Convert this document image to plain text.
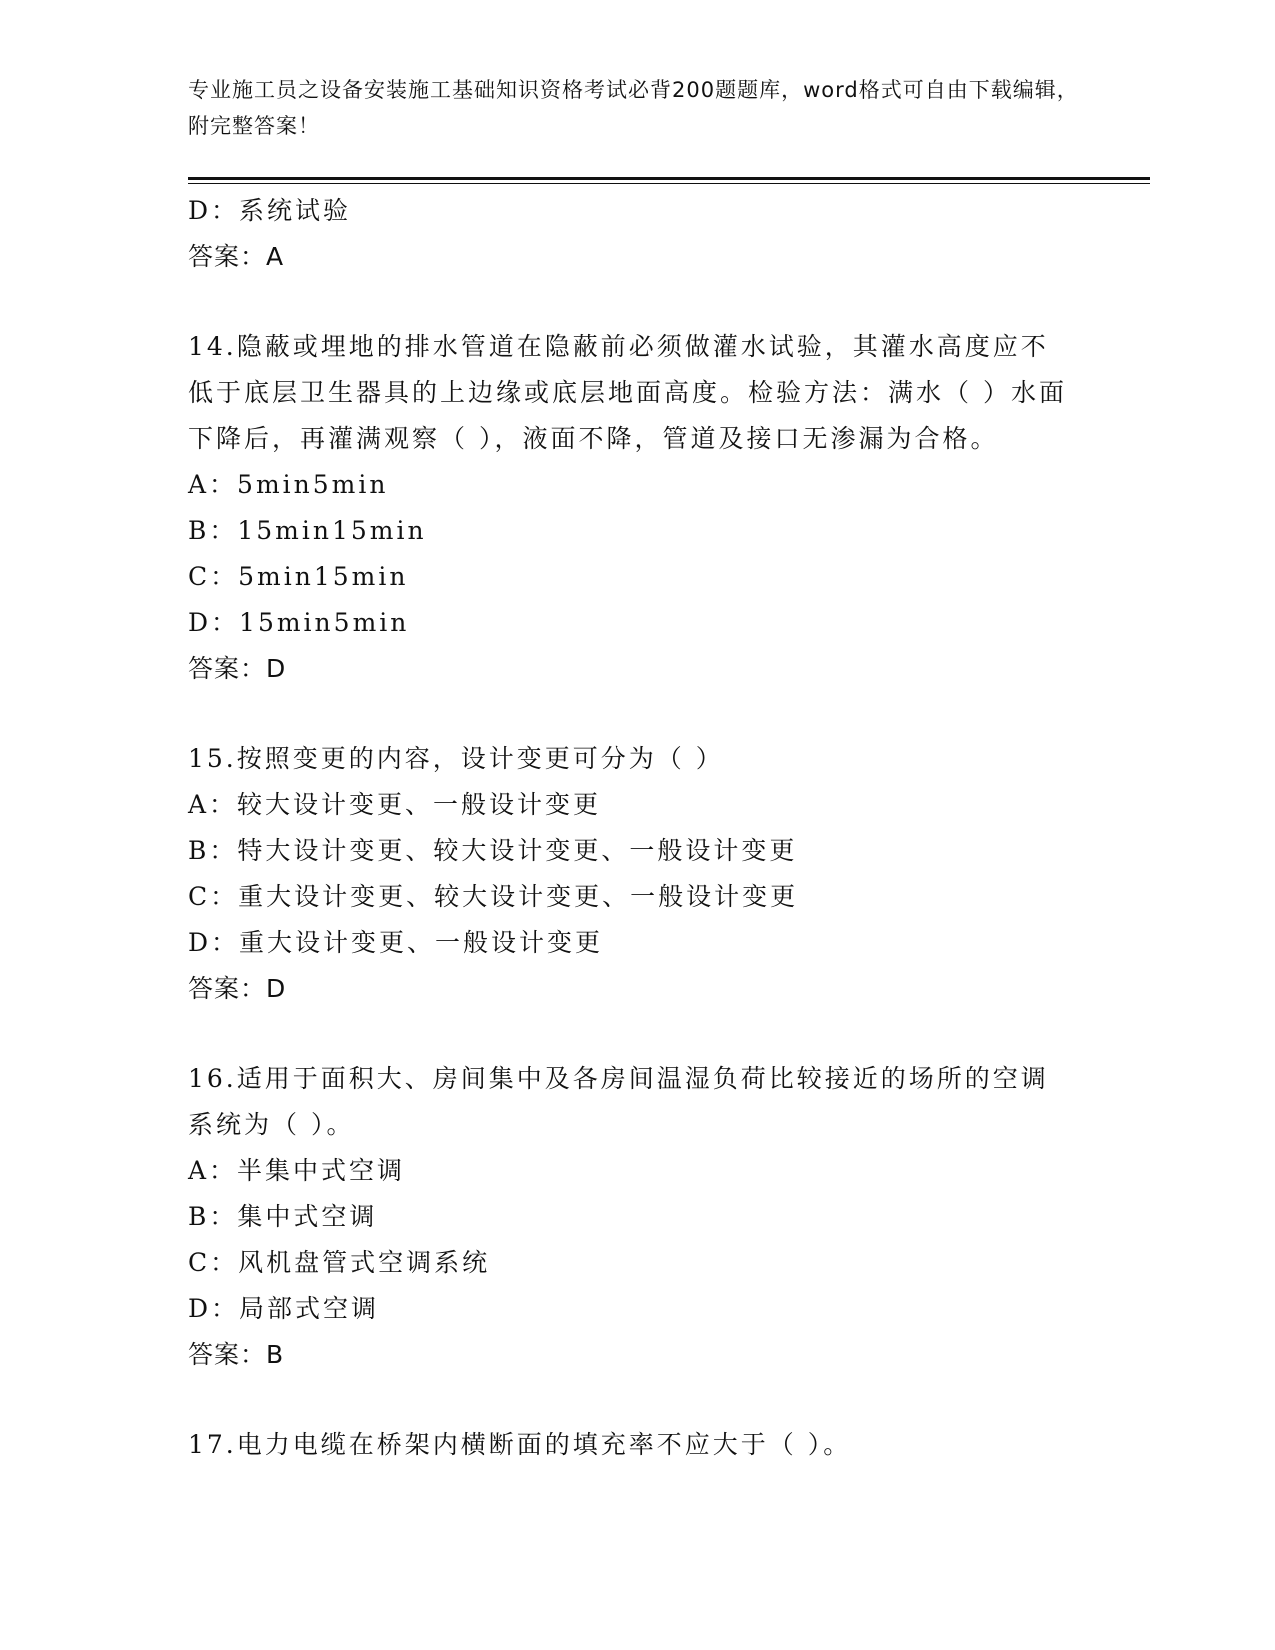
专业施工员之设备安装施工基础知识资格考试必背200题题库，word格式可自由下载编辑，附完整答案！
D：系统试验
答案：A
14.隐蔽或埋地的排水管道在隐蔽前必须做灌水试验，其灌水高度应不低于底层卫生器具的上边缘或底层地面高度。检验方法：满水（ ）水面下降后，再灌满观察（ ），液面不降，管道及接口无渗漏为合格。
A：5min5min
B：15min15min
C：5min15min
D：15min5min
答案：D
15.按照变更的内容，设计变更可分为（ ）
A：较大设计变更、一般设计变更
B：特大设计变更、较大设计变更、一般设计变更
C：重大设计变更、较大设计变更、一般设计变更
D：重大设计变更、一般设计变更
答案：D
16.适用于面积大、房间集中及各房间温湿负荷比较接近的场所的空调系统为（ ）。
A：半集中式空调
B：集中式空调
C：风机盘管式空调系统
D：局部式空调
答案：B
17.电力电缆在桥架内横断面的填充率不应大于（ ）。
